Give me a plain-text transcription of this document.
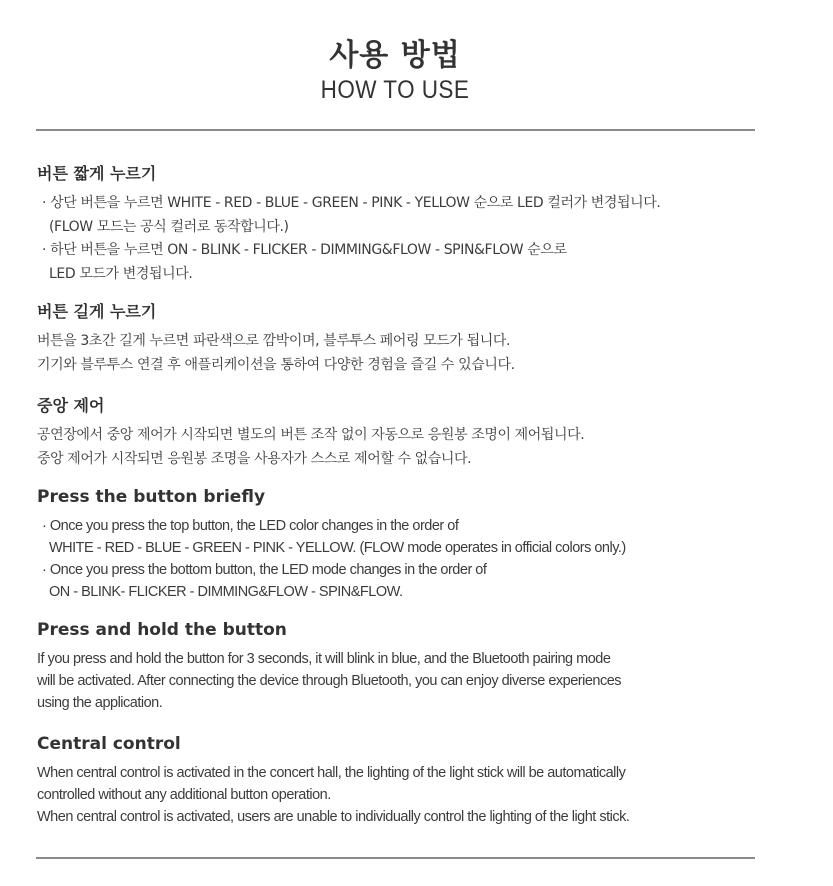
사용 방법
HOW TO USE
버튼 짧게 누르기

· 상단 버튼을 누르면 WHITE - RED - BLUE - GREEN - PINK - YELLOW 순으로 LED 컬러가 변경됩니다.

(FLOW 모드는 공식 컬러로 동작합니다.)

· 하단 버튼을 누르면 ON - BLINK - FLICKER - DIMMING&FLOW - SPIN&FLOW 순으로

LED 모드가 변경됩니다.

버튼 길게 누르기

버튼을 3초간 길게 누르면 파란색으로 깜박이며, 블루투스 페어링 모드가 됩니다.

기기와 블루투스 연결 후 애플리케이션을 통하여 다양한 경험을 즐길 수 있습니다.

중앙 제어

공연장에서 중앙 제어가 시작되면 별도의 버튼 조작 없이 자동으로 응원봉 조명이 제어됩니다.

중앙 제어가 시작되면 응원봉 조명을 사용자가 스스로 제어할 수 없습니다.

Press the button briefly

· Once you press the top button, the LED color changes in the order of

WHITE - RED - BLUE - GREEN - PINK - YELLOW. (FLOW mode operates in official colors only.)

· Once you press the bottom button, the LED mode changes in the order of

ON - BLINK- FLICKER - DIMMING&FLOW - SPIN&FLOW.

Press and hold the button

If you press and hold the button for 3 seconds, it will blink in blue, and the Bluetooth pairing mode

will be activated. After connecting the device through Bluetooth, you can enjoy diverse experiences

using the application.

Central control

When central control is activated in the concert hall, the lighting of the light stick will be automatically

controlled without any additional button operation.

When central control is activated, users are unable to individually control the lighting of the light stick.
